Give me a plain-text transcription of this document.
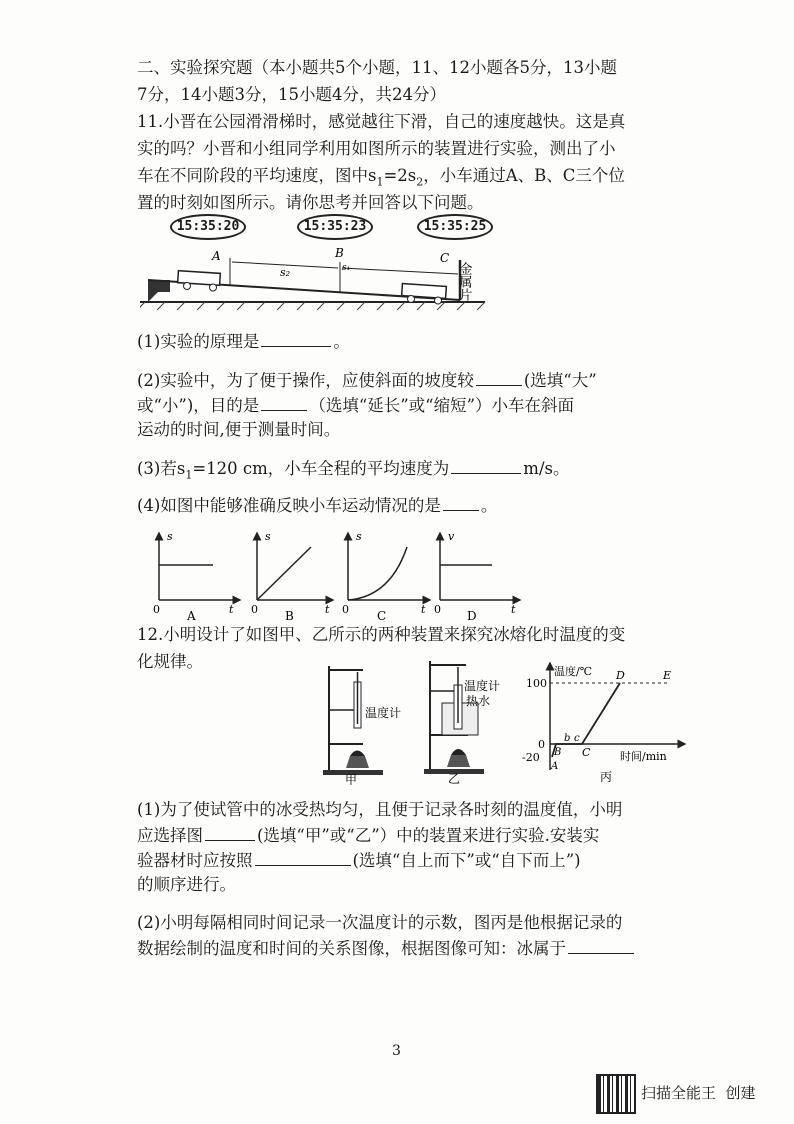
二、实验探究题（本小题共5个小题，11、12小题各5分，13小题
7分，14小题3分，15小题4分，共24分）
11.小晋在公园滑滑梯时，感觉越往下滑，自己的速度越快。这是真
实的吗？小晋和小组同学利用如图所示的装置进行实验，测出了小
车在不同阶段的平均速度，图中$s_1=2s_2$，小车通过A、B、C三个位
置的时刻如图所示。请你思考并回答以下问题。
15:35:20	15:35:23	15:35:25
A	B	C
s₂	s₁	金属片
(1)实验的原理是	。
(2)实验中，为了便于操作，应使斜面的坡度较	(选填“大”
或“小”)，目的是	（选填“延长”或“缩短”）小车在斜面
运动的时间,便于测量时间。
(3)若$s_1=120$ cm，小车全程的平均速度为	m/s。
(4)如图中能够准确反映小车运动情况的是 。
s
t
0 A
s
t
0 B
s
t
0 C
v
t
0 D
12.小明设计了如图甲、乙所示的两种装置来探究冰熔化时温度的变
化规律。
温度计
甲
温度计
热水
乙
温度/℃
时间/min
100
0
-20
A
B
b c
C
D	E
丙
(1)为了使试管中的冰受热均匀，且便于记录各时刻的温度值，小明
应选择图	(选填“甲”或“乙”）中的装置来进行实验.安装实
验器材时应按照	(选填“自上而下”或“自下而上”)
的顺序进行。
(2)小明每隔相同时间记录一次温度计的示数，图丙是他根据记录的
数据绘制的温度和时间的关系图像，根据图像可知：冰属于
3
扫描全能王  创建
